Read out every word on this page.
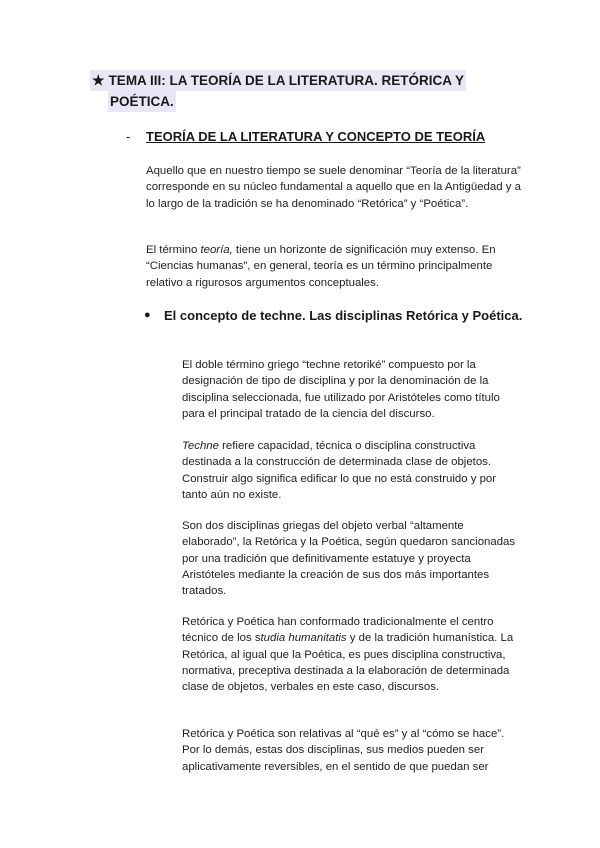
★ TEMA III: LA TEORÍA DE LA LITERATURA. RETÓRICA Y
POÉTICA.
- TEORÍA DE LA LITERATURA Y CONCEPTO DE TEORÍA

Aquello que en nuestro tiempo se suele denominar “Teoría de la literatura” corresponde en su núcleo fundamental a aquello que en la Antigüedad y a lo largo de la tradición se ha denominado “Retórica” y “Poética”.

El término teoría, tiene un horizonte de significación muy extenso. En “Ciencias humanas”, en general, teoría es un término principalmente relativo a rigurosos argumentos conceptuales.

● El concepto de techne. Las disciplinas Retórica y Poética.

El doble término griego “techne retoriké” compuesto por la designación de tipo de disciplina y por la denominación de la disciplina seleccionada, fue utilizado por Aristóteles como título para el principal tratado de la ciencia del discurso.

Techne refiere capacidad, técnica o disciplina constructiva destinada a la construcción de determinada clase de objetos. Construir algo significa edificar lo que no está construido y por tanto aún no existe.

Son dos disciplinas griegas del objeto verbal “altamente elaborado”, la Retórica y la Poética, según quedaron sancionadas por una tradición que definitivamente estatuye y proyecta Aristóteles mediante la creación de sus dos más importantes tratados.

Retórica y Poética han conformado tradicionalmente el centro técnico de los studia humanitatis y de la tradición humanística. La Retórica, al igual que la Poética, es pues disciplina constructiva, normativa, preceptiva destinada a la elaboración de determinada clase de objetos, verbales en este caso, discursos.

Retórica y Poética son relativas al “qué es” y al “cómo se hace”. Por lo demás, estas dos disciplinas, sus medios pueden ser aplicativamente reversibles, en el sentido de que puedan ser
